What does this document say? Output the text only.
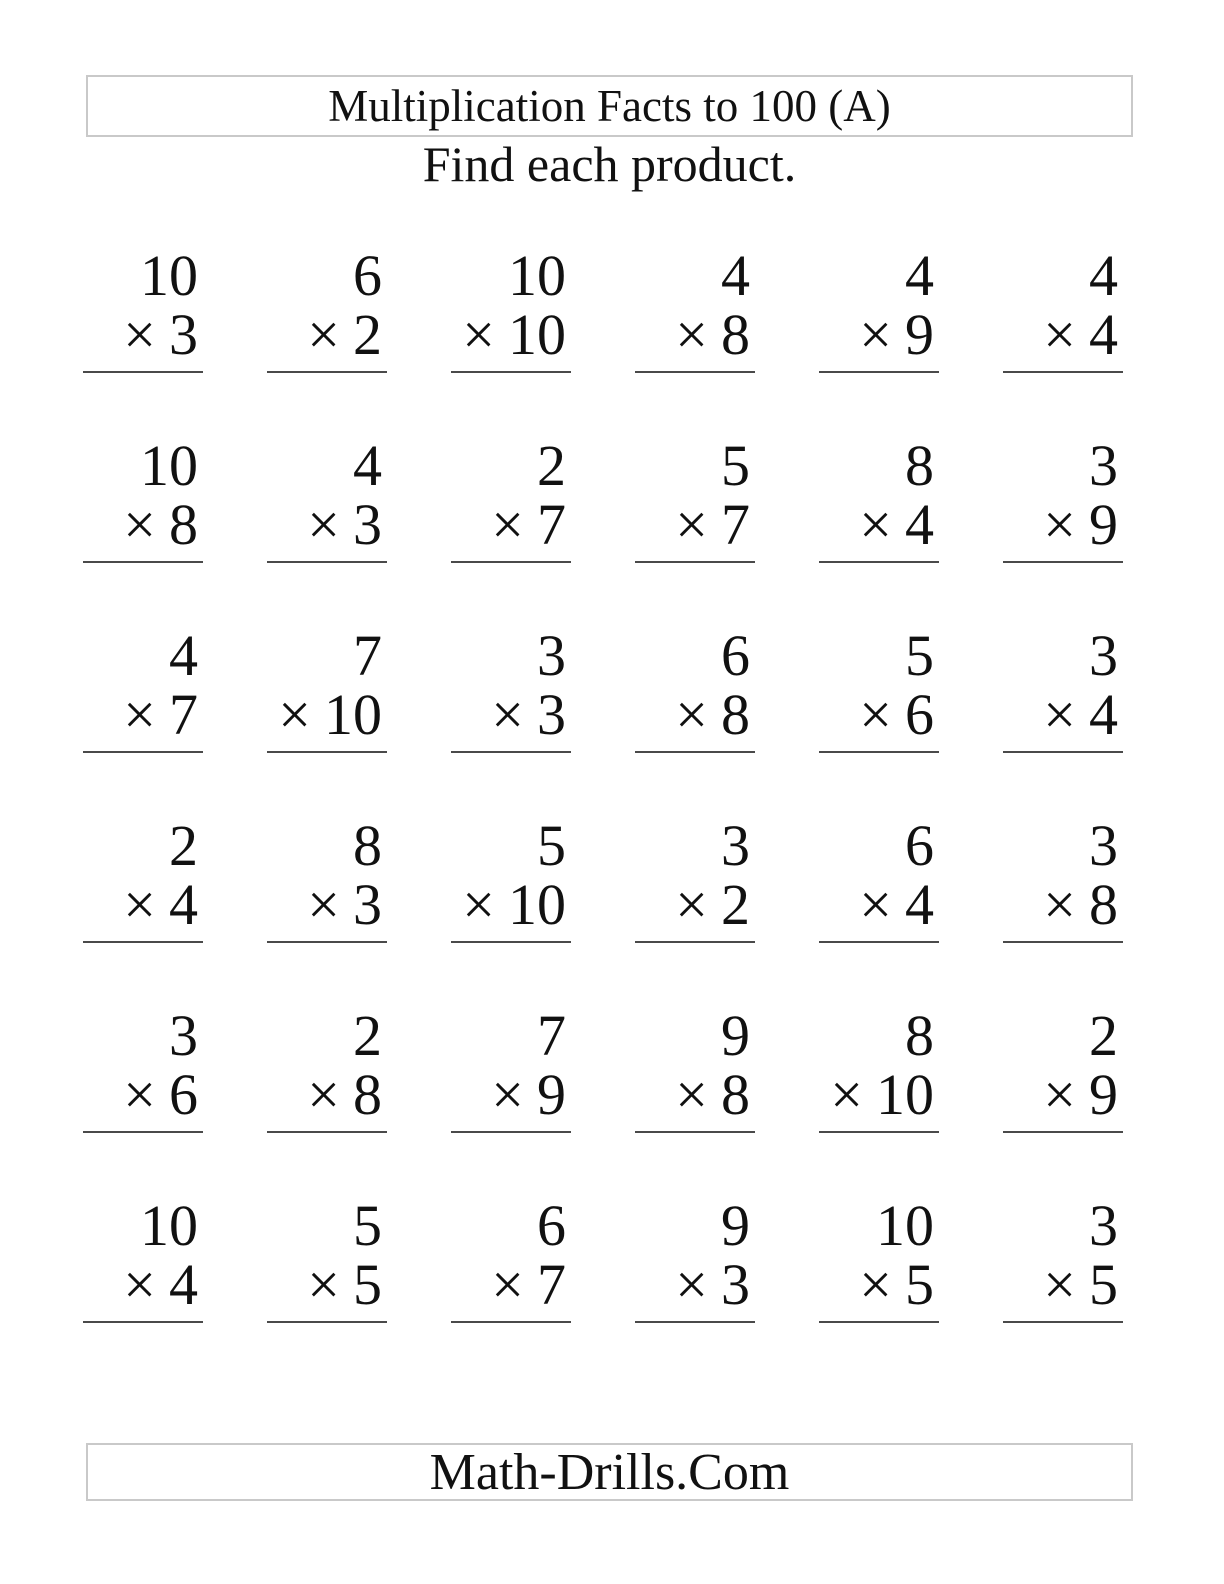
Multiplication Facts to 100 (A)
Find each product.
10
× 3
6
× 2
10
× 10
4
× 8
4
× 9
4
× 4
10
× 8
4
× 3
2
× 7
5
× 7
8
× 4
3
× 9
4
× 7
7
× 10
3
× 3
6
× 8
5
× 6
3
× 4
2
× 4
8
× 3
5
× 10
3
× 2
6
× 4
3
× 8
3
× 6
2
× 8
7
× 9
9
× 8
8
× 10
2
× 9
10
× 4
5
× 5
6
× 7
9
× 3
10
× 5
3
× 5
Math-Drills.Com
